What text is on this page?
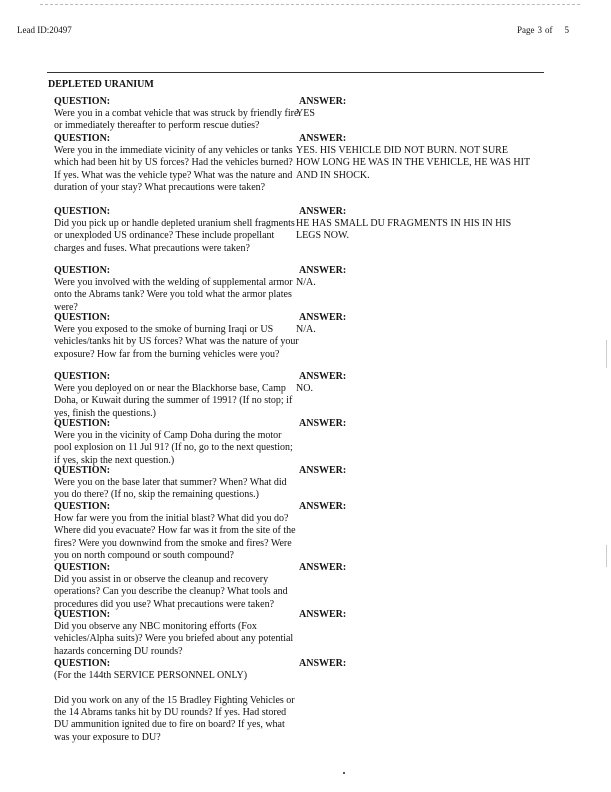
Lead ID:20497	Page 3 of 5
DEPLETED URANIUM
QUESTION:
Were you in a combat vehicle that was struck by friendly fire or immediately thereafter to perform rescue duties?
ANSWER:
YES
QUESTION:
Were you in the immediate vicinity of any vehicles or tanks which had been hit by US forces? Had the vehicles burned? If yes. What was the vehicle type? What was the nature and duration of your stay? What precautions were taken?
ANSWER:
YES. HIS VEHICLE DID NOT BURN. NOT SURE
HOW LONG HE WAS IN THE VEHICLE, HE WAS HIT
AND IN SHOCK.
QUESTION:
Did you pick up or handle depleted uranium shell fragments or unexploded US ordinance? These include propellant charges and fuses. What precautions were taken?
ANSWER:
HE HAS SMALL DU FRAGMENTS IN HIS IN HIS
LEGS NOW.
QUESTION:
Were you involved with the welding of supplemental armor onto the Abrams tank? Were you told what the armor plates were?
ANSWER:
N/A.
QUESTION:
Were you exposed to the smoke of burning Iraqi or US vehicles/tanks hit by US forces? What was the nature of your exposure? How far from the burning vehicles were you?
ANSWER:
N/A.
QUESTION:
Were you deployed on or near the Blackhorse base, Camp Doha, or Kuwait during the summer of 1991? (If no stop; if yes, finish the questions.)
ANSWER:
NO.
QUESTION:
Were you in the vicinity of Camp Doha during the motor pool explosion on 11 Jul 91? (If no, go to the next question; if yes, skip the next question.)
ANSWER:
QUESTION:
Were you on the base later that summer? When? What did you do there? (If no, skip the remaining questions.)
ANSWER:
QUESTION:
How far were you from the initial blast? What did you do? Where did you evacuate? How far was it from the site of the fires? Were you downwind from the smoke and fires? Were you on north compound or south compound?
ANSWER:
QUESTION:
Did you assist in or observe the cleanup and recovery operations? Can you describe the cleanup? What tools and procedures did you use? What precautions were taken?
ANSWER:
QUESTION:
Did you observe any NBC monitoring efforts (Fox vehicles/Alpha suits)? Were you briefed about any potential hazards concerning DU rounds?
ANSWER:
QUESTION:
(For the 144th SERVICE PERSONNEL ONLY)
ANSWER:
Did you work on any of the 15 Bradley Fighting Vehicles or the 14 Abrams tanks hit by DU rounds? If yes. Had stored DU ammunition ignited due to fire on board? If yes, what was your exposure to DU?
